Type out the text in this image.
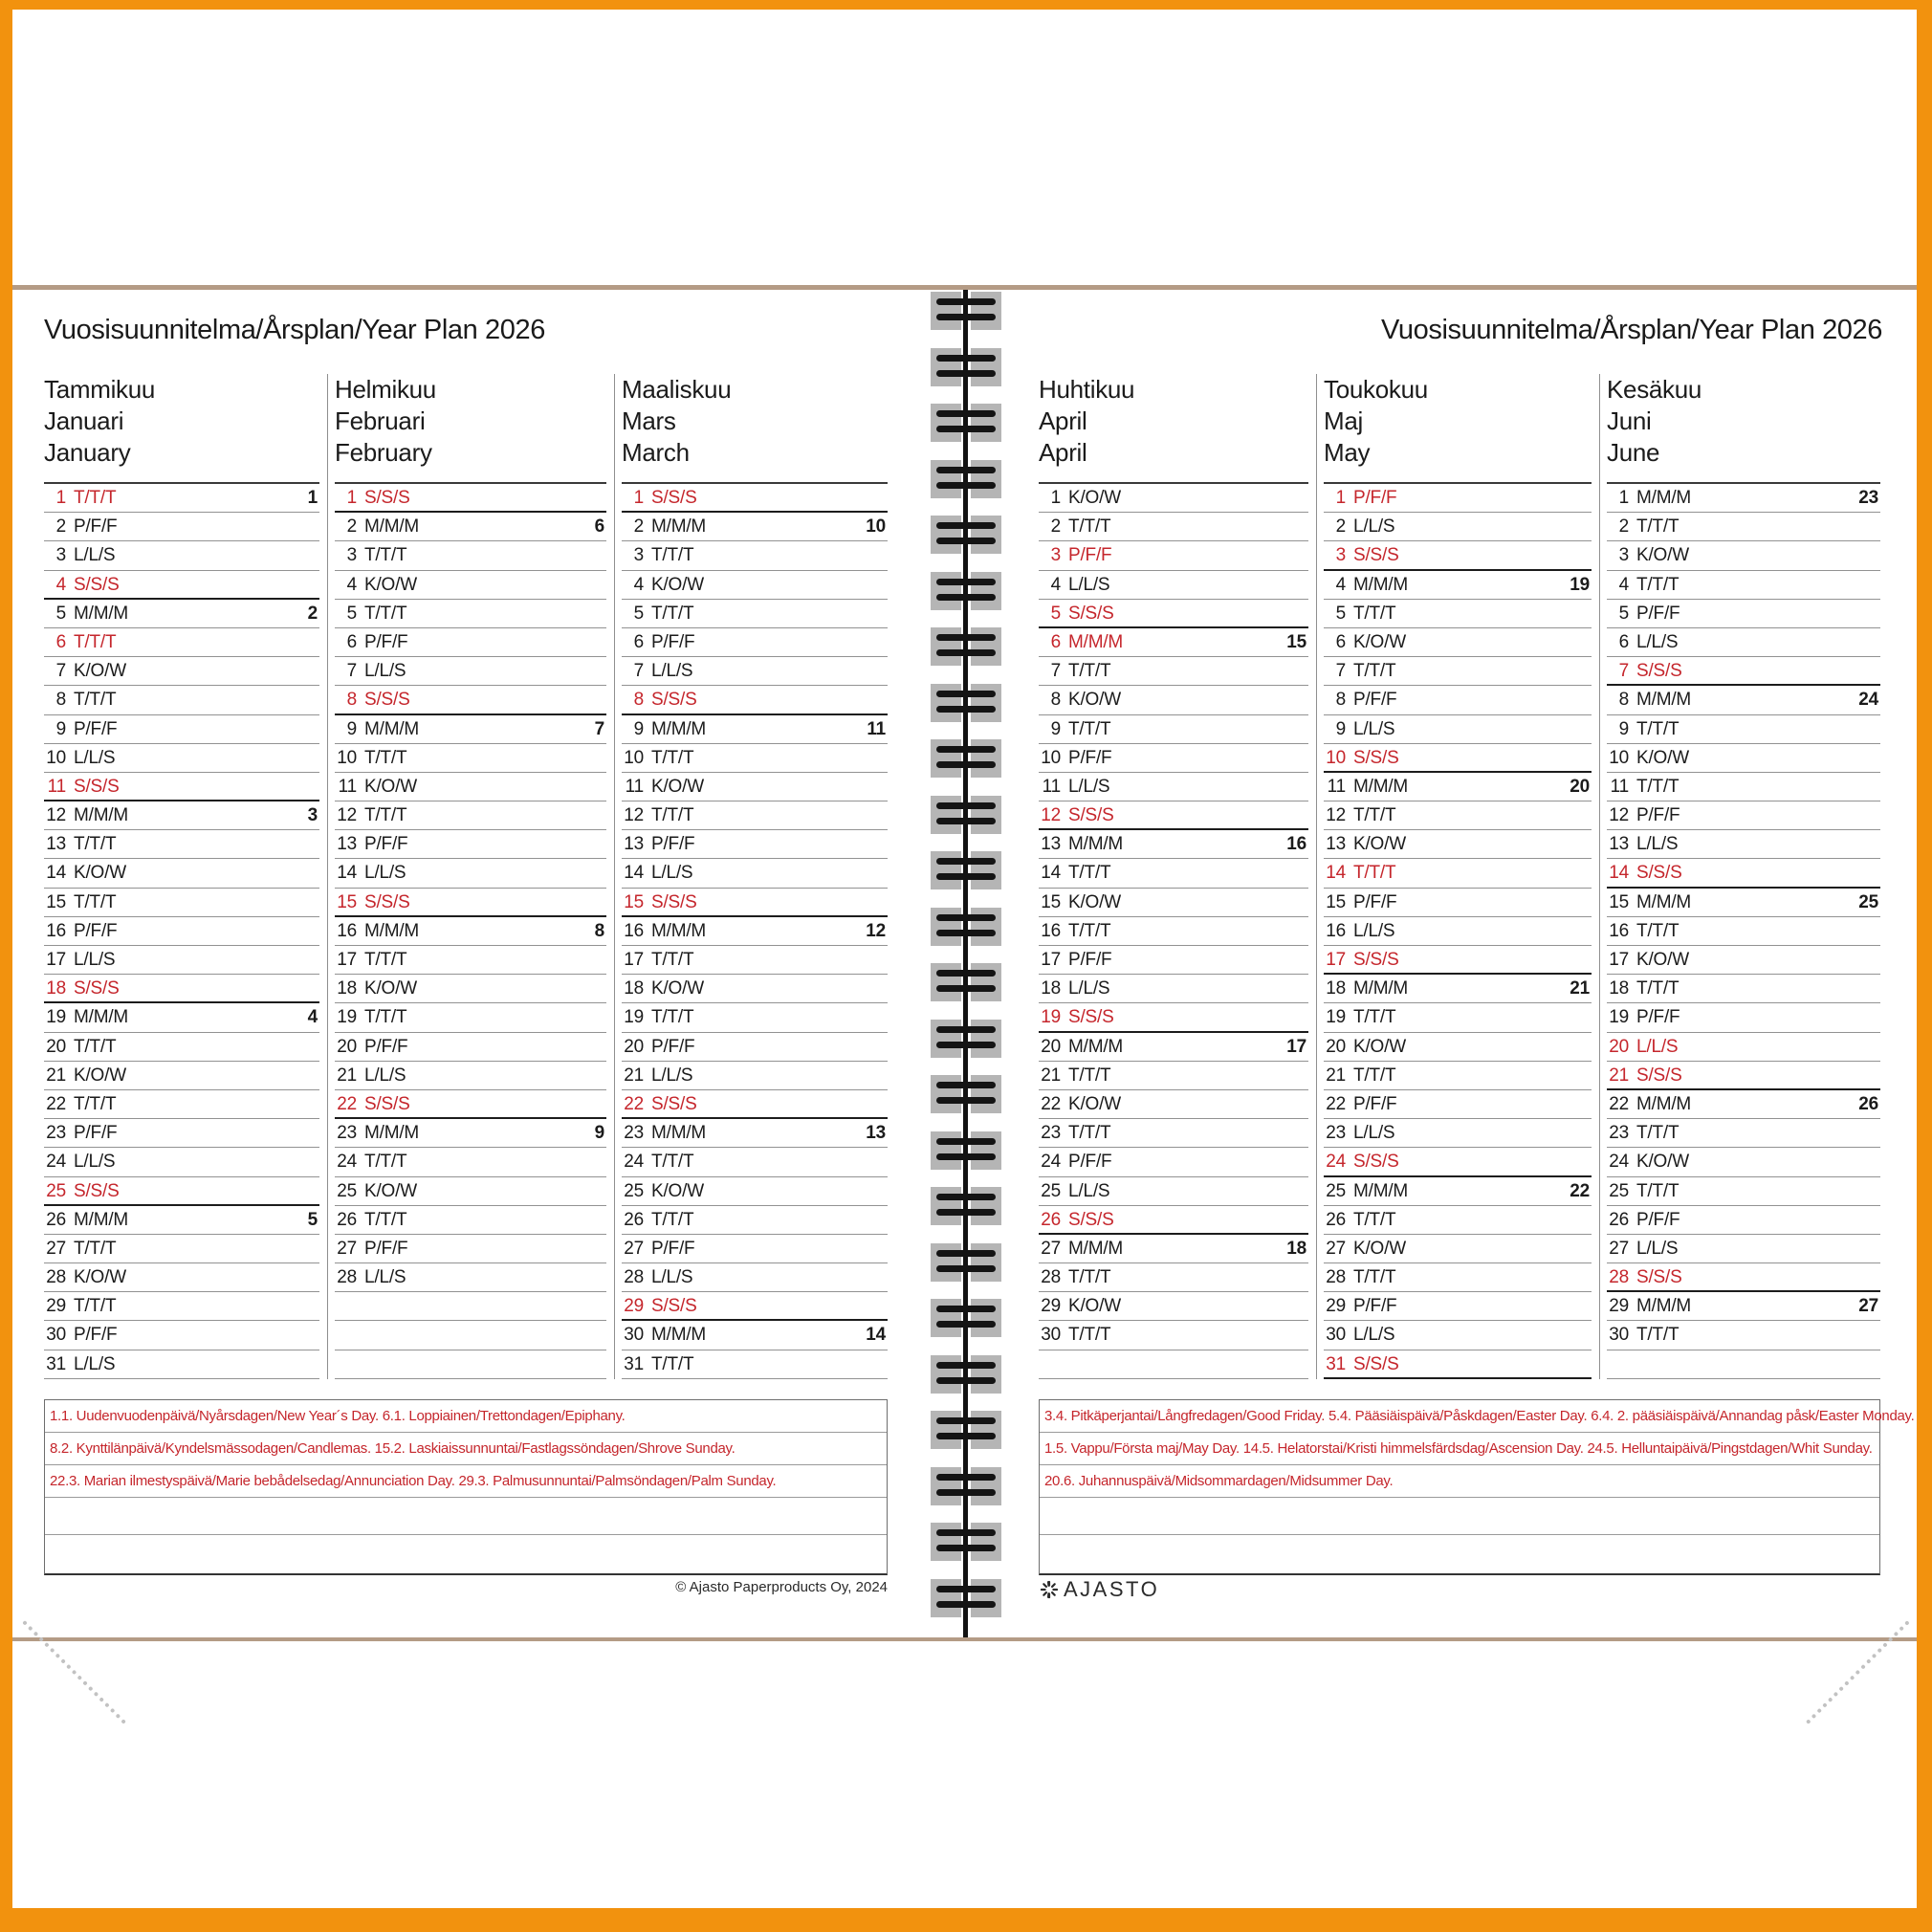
Vuosisuunnitelma/Årsplan/Year Plan 2026	Vuosisuunnitelma/Årsplan/Year Plan 2026
Tammikuu
Januari
January
1 T/T/T	1
2 P/F/F
3 L/L/S
4 S/S/S
5 M/M/M	2
6 T/T/T
7 K/O/W
8 T/T/T
9 P/F/F
10 L/L/S
11 S/S/S
12 M/M/M	3
13 T/T/T
14 K/O/W
15 T/T/T
16 P/F/F
17 L/L/S
18 S/S/S
19 M/M/M	4
20 T/T/T
21 K/O/W
22 T/T/T
23 P/F/F
24 L/L/S
25 S/S/S
26 M/M/M	5
27 T/T/T
28 K/O/W
29 T/T/T
30 P/F/F
31 L/L/S
Helmikuu
Februari
February
1 S/S/S
2 M/M/M	6
3 T/T/T
4 K/O/W
5 T/T/T
6 P/F/F
7 L/L/S
8 S/S/S
9 M/M/M	7
10 T/T/T
11 K/O/W
12 T/T/T
13 P/F/F
14 L/L/S
15 S/S/S
16 M/M/M	8
17 T/T/T
18 K/O/W
19 T/T/T
20 P/F/F
21 L/L/S
22 S/S/S
23 M/M/M	9
24 T/T/T
25 K/O/W
26 T/T/T
27 P/F/F
28 L/L/S
Maaliskuu
Mars
March
1 S/S/S
2 M/M/M	10
3 T/T/T
4 K/O/W
5 T/T/T
6 P/F/F
7 L/L/S
8 S/S/S
9 M/M/M	11
10 T/T/T
11 K/O/W
12 T/T/T
13 P/F/F
14 L/L/S
15 S/S/S
16 M/M/M	12
17 T/T/T
18 K/O/W
19 T/T/T
20 P/F/F
21 L/L/S
22 S/S/S
23 M/M/M	13
24 T/T/T
25 K/O/W
26 T/T/T
27 P/F/F
28 L/L/S
29 S/S/S
30 M/M/M	14
31 T/T/T
Huhtikuu
April
April
1 K/O/W
2 T/T/T
3 P/F/F
4 L/L/S
5 S/S/S
6 M/M/M	15
7 T/T/T
8 K/O/W
9 T/T/T
10 P/F/F
11 L/L/S
12 S/S/S
13 M/M/M	16
14 T/T/T
15 K/O/W
16 T/T/T
17 P/F/F
18 L/L/S
19 S/S/S
20 M/M/M	17
21 T/T/T
22 K/O/W
23 T/T/T
24 P/F/F
25 L/L/S
26 S/S/S
27 M/M/M	18
28 T/T/T
29 K/O/W
30 T/T/T
Toukokuu
Maj
May
1 P/F/F
2 L/L/S
3 S/S/S
4 M/M/M	19
5 T/T/T
6 K/O/W
7 T/T/T
8 P/F/F
9 L/L/S
10 S/S/S
11 M/M/M	20
12 T/T/T
13 K/O/W
14 T/T/T
15 P/F/F
16 L/L/S
17 S/S/S
18 M/M/M	21
19 T/T/T
20 K/O/W
21 T/T/T
22 P/F/F
23 L/L/S
24 S/S/S
25 M/M/M	22
26 T/T/T
27 K/O/W
28 T/T/T
29 P/F/F
30 L/L/S
31 S/S/S
Kesäkuu
Juni
June
1 M/M/M	23
2 T/T/T
3 K/O/W
4 T/T/T
5 P/F/F
6 L/L/S
7 S/S/S
8 M/M/M	24
9 T/T/T
10 K/O/W
11 T/T/T
12 P/F/F
13 L/L/S
14 S/S/S
15 M/M/M	25
16 T/T/T
17 K/O/W
18 T/T/T
19 P/F/F
20 L/L/S
21 S/S/S
22 M/M/M	26
23 T/T/T
24 K/O/W
25 T/T/T
26 P/F/F
27 L/L/S
28 S/S/S
29 M/M/M	27
30 T/T/T
1.1. Uudenvuodenpäivä/Nyårsdagen/New Year´s Day. 6.1. Loppiainen/Trettondagen/Epiphany.
8.2. Kynttilänpäivä/Kyndelsmässodagen/Candlemas. 15.2. Laskiaissunnuntai/Fastlagssöndagen/Shrove Sunday.
22.3. Marian ilmestyspäivä/Marie bebådelsedag/Annunciation Day. 29.3. Palmusunnuntai/Palmsöndagen/Palm Sunday.
3.4. Pitkäperjantai/Långfredagen/Good Friday. 5.4. Pääsiäispäivä/Påskdagen/Easter Day. 6.4. 2. pääsiäispäivä/Annandag påsk/Easter Monday.
1.5. Vappu/Första maj/May Day. 14.5. Helatorstai/Kristi himmelsfärdsdag/Ascension Day. 24.5. Helluntaipäivä/Pingstdagen/Whit Sunday.
20.6. Juhannuspäivä/Midsommardagen/Midsummer Day.
© Ajasto Paperproducts Oy, 2024	AJASTO
